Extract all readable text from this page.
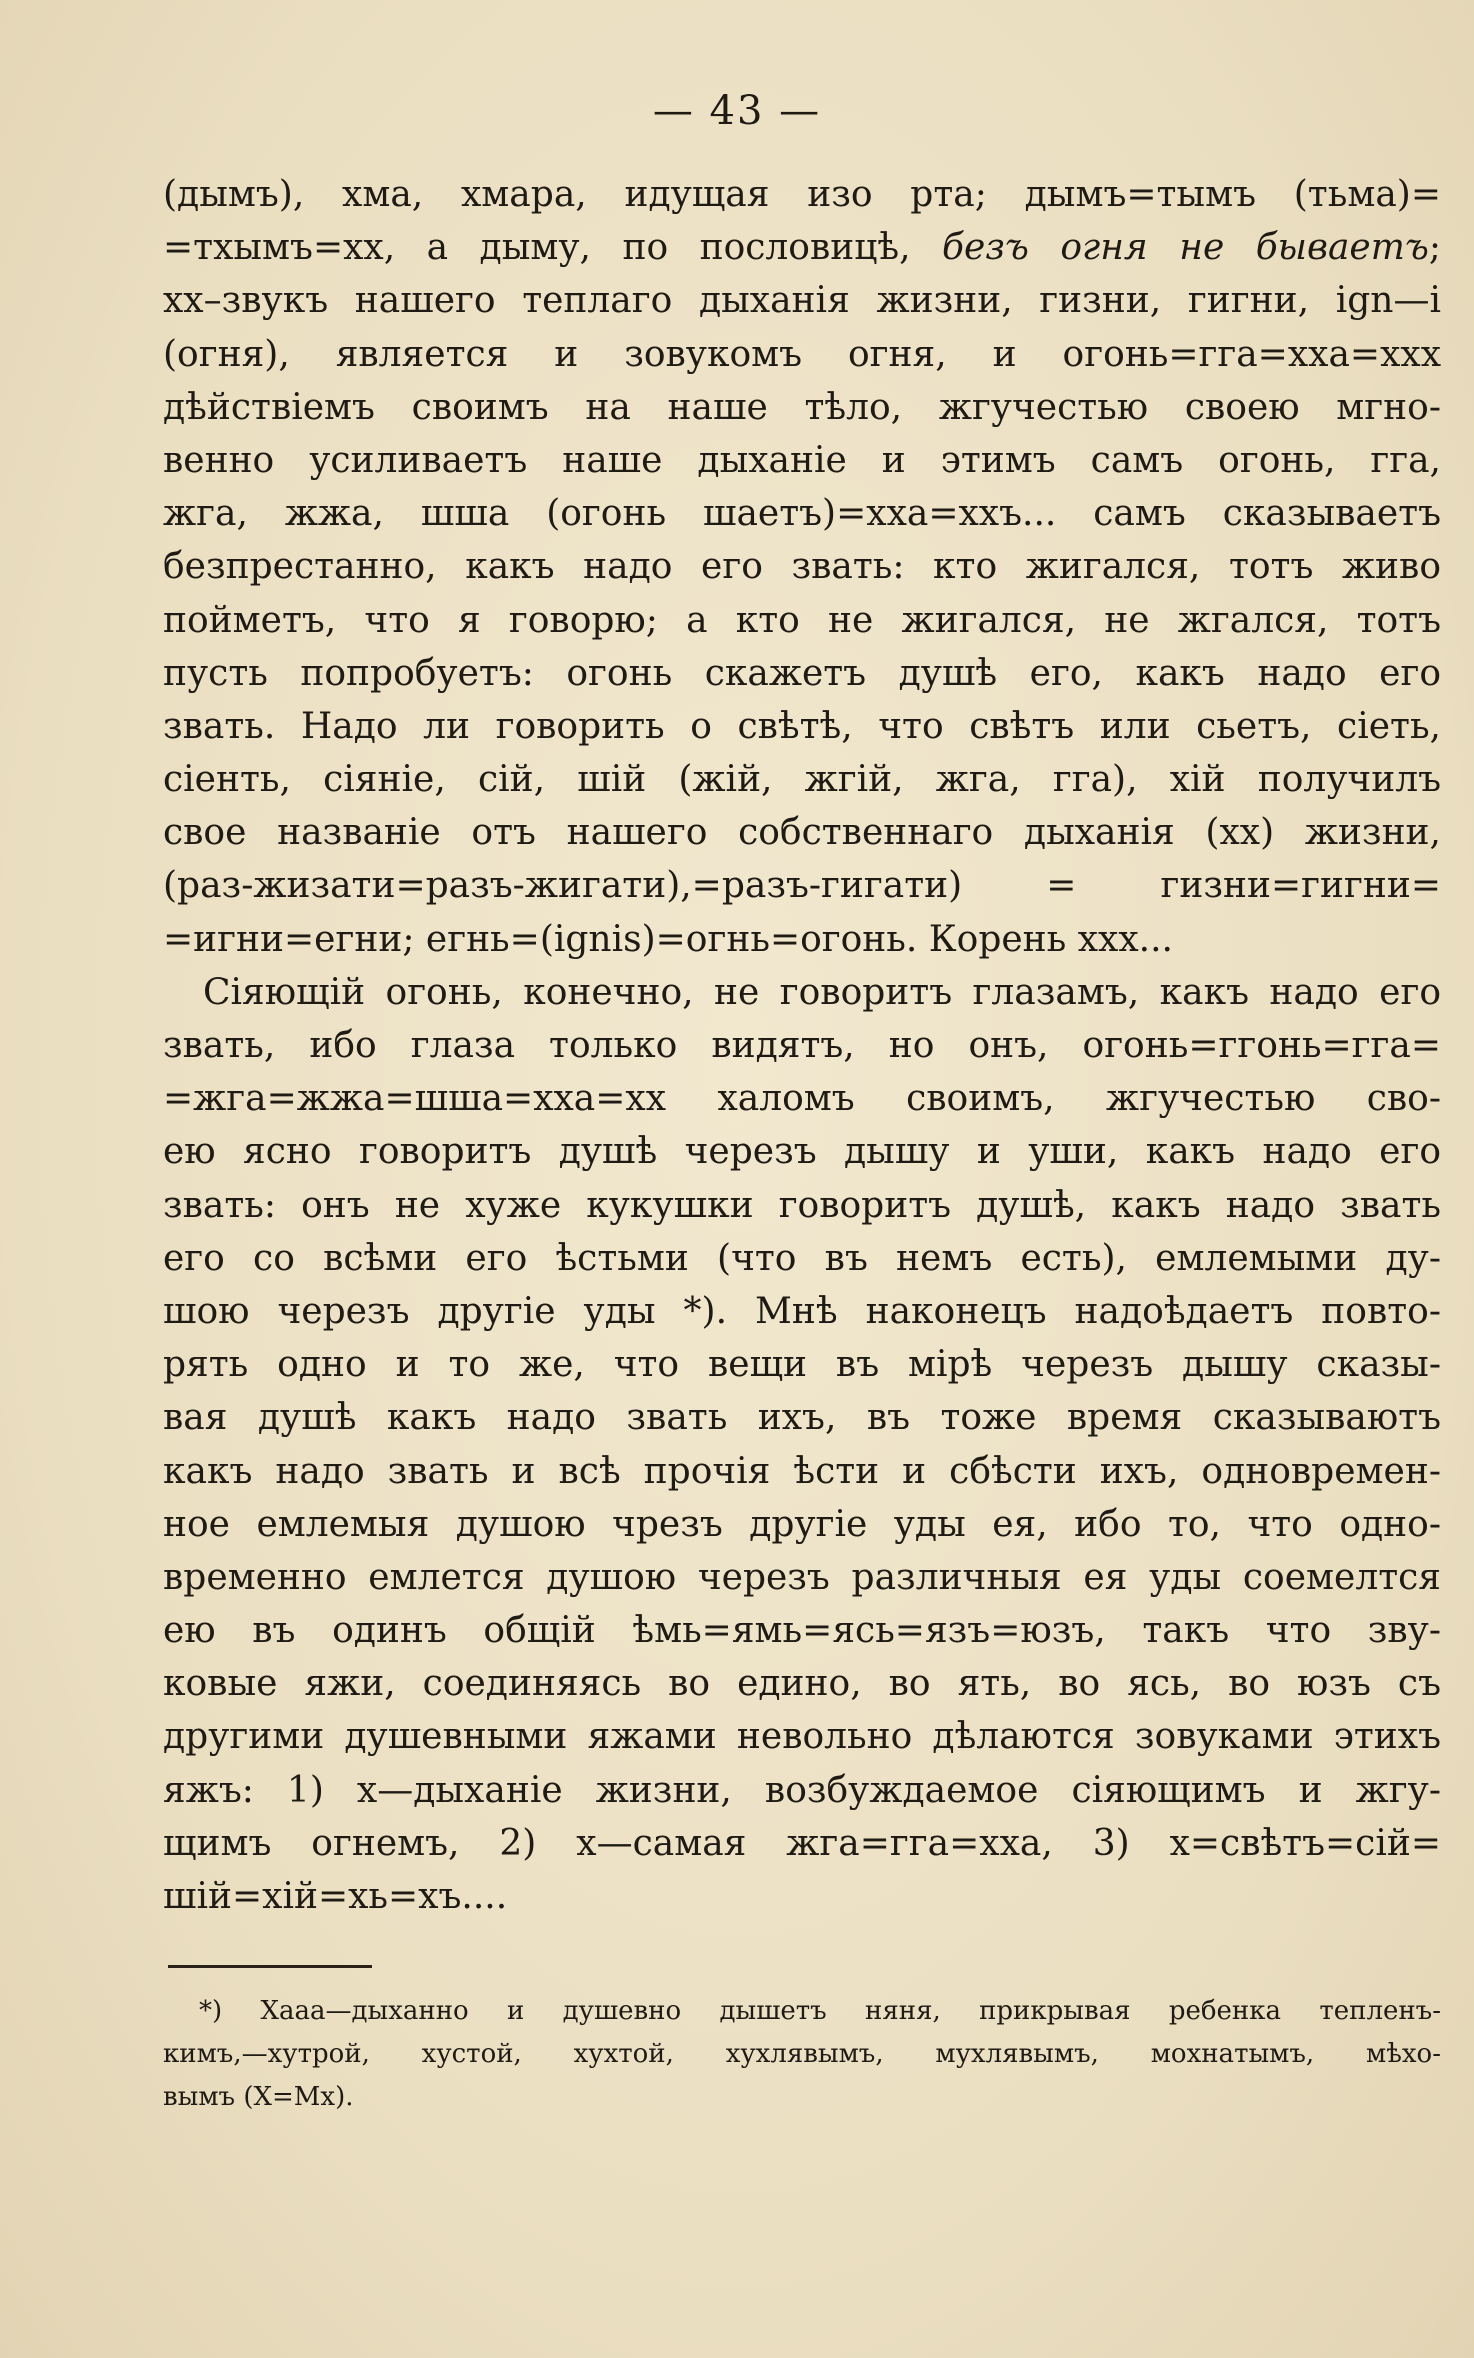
— 43 —
(дымъ), хма, хмара, идущая изо рта; дымъ=тымъ (тьма)=
=тхымъ=хх, а дыму, по пословицѣ, безъ огня не бываетъ;
хх–звукъ нашего теплаго дыханія жизни, гизни, гигни, ign—i
(огня), является и зовукомъ огня, и огонь=гга=хха=ххх
дѣйствіемъ своимъ на наше тѣло, жгучестью своею мгно-
венно усиливаетъ наше дыханіе и этимъ самъ огонь, гга,
жга, жжа, шша (огонь шаетъ)=хха=ххъ... самъ сказываетъ
безпрестанно, какъ надо его звать: кто жигался, тотъ живо
пойметъ, что я говорю; а кто не жигался, не жгался, тотъ
пусть попробуетъ: огонь скажетъ душѣ его, какъ надо его
звать. Надо ли говорить о свѣтѣ, что свѣтъ или сьетъ, сіеть,
сіенть, сіяніе, сій, шій (жій, жгій, жга, гга), хій получилъ
свое названіе отъ нашего собственнаго дыханія (хх) жизни,
(раз-жизати=разъ-жигати),=разъ-гигати) = гизни=гигни=
=игни=егни; егнь=(ignis)=огнь=огонь. Корень ххх...
Сіяющій огонь, конечно, не говоритъ глазамъ, какъ надо его
звать, ибо глаза только видятъ, но онъ, огонь=ггонь=гга=
=жга=жжа=шша=хха=хх халомъ своимъ, жгучестью сво-
ею ясно говоритъ душѣ черезъ дышу и уши, какъ надо его
звать: онъ не хуже кукушки говоритъ душѣ, какъ надо звать
его со всѣми его ѣстьми (что въ немъ есть), емлемыми ду-
шою черезъ другіе уды *). Мнѣ наконецъ надоѣдаетъ повто-
рять одно и то же, что вещи въ мірѣ черезъ дышу сказы-
вая душѣ какъ надо звать ихъ, въ тоже время сказываютъ
какъ надо звать и всѣ прочія ѣсти и сбѣсти ихъ, одновремен-
ное емлемыя душою чрезъ другіе уды ея, ибо то, что одно-
временно емлется душою черезъ различныя ея уды соемелтся
ею въ одинъ общій ѣмь=ямь=ясь=язъ=юзъ, такъ что зву-
ковые яжи, соединяясь во едино, во ять, во ясь, во юзъ съ
другими душевными яжами невольно дѣлаются зовуками этихъ
яжъ: 1) х—дыханіе жизни, возбуждаемое сіяющимъ и жгу-
щимъ огнемъ, 2) х—самая жга=гга=хха, 3) х=свѣтъ=сій=
шій=хій=хь=хъ....
*) Хааа—дыханно и душевно дышетъ няня, прикрывая ребенка тепленъ-
кимъ,—хутрой, хустой, хухтой, хухлявымъ, мухлявымъ, мохнатымъ, мѣхо-
вымъ (Х=Мх).
